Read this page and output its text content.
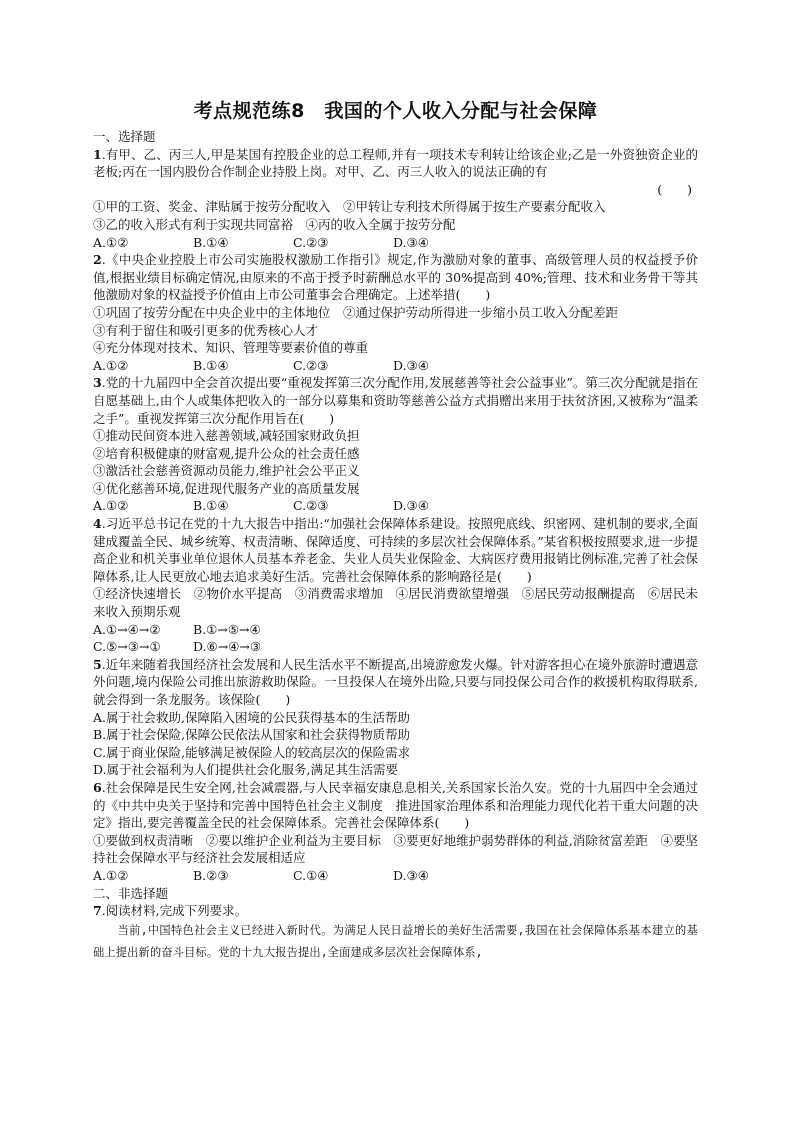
考点规范练8　我国的个人收入分配与社会保障
一、选择题
1.有甲、乙、丙三人,甲是某国有控股企业的总工程师,并有一项技术专利转让给该企业;乙是一外资独资企业的老板;丙在一国内股份合作制企业持股上岗。对甲、乙、丙三人收入的说法正确的有
(　　)
①甲的工资、奖金、津贴属于按劳分配收入　②甲转让专利技术所得属于按生产要素分配收入
③乙的收入形式有利于实现共同富裕　④丙的收入全属于按劳分配
A.①②	B.①④	C.②③	D.③④
2.《中央企业控股上市公司实施股权激励工作指引》规定,作为激励对象的董事、高级管理人员的权益授予价值,根据业绩目标确定情况,由原来的不高于授予时薪酬总水平的 30%提高到 40%;管理、技术和业务骨干等其他激励对象的权益授予价值由上市公司董事会合理确定。上述举措(　　)
①巩固了按劳分配在中央企业中的主体地位　②通过保护劳动所得进一步缩小员工收入分配差距
③有利于留住和吸引更多的优秀核心人才
④充分体现对技术、知识、管理等要素价值的尊重
A.①②	B.①④	C.②③	D.③④
3.党的十九届四中全会首次提出要“重视发挥第三次分配作用,发展慈善等社会公益事业”。第三次分配就是指在自愿基础上,由个人或集体把收入的一部分以募集和资助等慈善公益方式捐赠出来用于扶贫济困,又被称为“温柔之手”。重视发挥第三次分配作用旨在(　　)
①推动民间资本进入慈善领域,减轻国家财政负担
②培育积极健康的财富观,提升公众的社会责任感
③激活社会慈善资源动员能力,维护社会公平正义
④优化慈善环境,促进现代服务产业的高质量发展
A.①②	B.①④	C.②③	D.③④
4.习近平总书记在党的十九大报告中指出:“加强社会保障体系建设。按照兜底线、织密网、建机制的要求,全面建成覆盖全民、城乡统筹、权责清晰、保障适度、可持续的多层次社会保障体系。”某省积极按照要求,进一步提高企业和机关事业单位退休人员基本养老金、失业人员失业保险金、大病医疗费用报销比例标准,完善了社会保障体系,让人民更放心地去追求美好生活。完善社会保障体系的影响路径是(　　)
①经济快速增长　②物价水平提高　③消费需求增加　④居民消费欲望增强　⑤居民劳动报酬提高　⑥居民未来收入预期乐观
A.①→④→②	B.①→⑤→④
C.⑤→③→①	D.⑥→④→③
5.近年来随着我国经济社会发展和人民生活水平不断提高,出境游愈发火爆。针对游客担心在境外旅游时遭遇意外问题,境内保险公司推出旅游救助保险。一旦投保人在境外出险,只要与同投保公司合作的救援机构取得联系,就会得到一条龙服务。该保险(　　)
A.属于社会救助,保障陷入困境的公民获得基本的生活帮助
B.属于社会保险,保障公民依法从国家和社会获得物质帮助
C.属于商业保险,能够满足被保险人的较高层次的保险需求
D.属于社会福利为人们提供社会化服务,满足其生活需要
6.社会保障是民生安全网,社会减震器,与人民幸福安康息息相关,关系国家长治久安。党的十九届四中全会通过的《中共中央关于坚持和完善中国特色社会主义制度　推进国家治理体系和治理能力现代化若干重大问题的决定》指出,要完善覆盖全民的社会保障体系。完善社会保障体系(　　)
①要做到权责清晰　②要以维护企业利益为主要目标　③要更好地维护弱势群体的利益,消除贫富差距　④要坚持社会保障水平与经济社会发展相适应
A.①②	B.②③	C.①④	D.③④
二、非选择题
7.阅读材料,完成下列要求。
当前,中国特色社会主义已经进入新时代。为满足人民日益增长的美好生活需要,我国在社会保障体系基本建立的基础上提出新的奋斗目标。党的十九大报告提出,全面建成多层次社会保障体系,
